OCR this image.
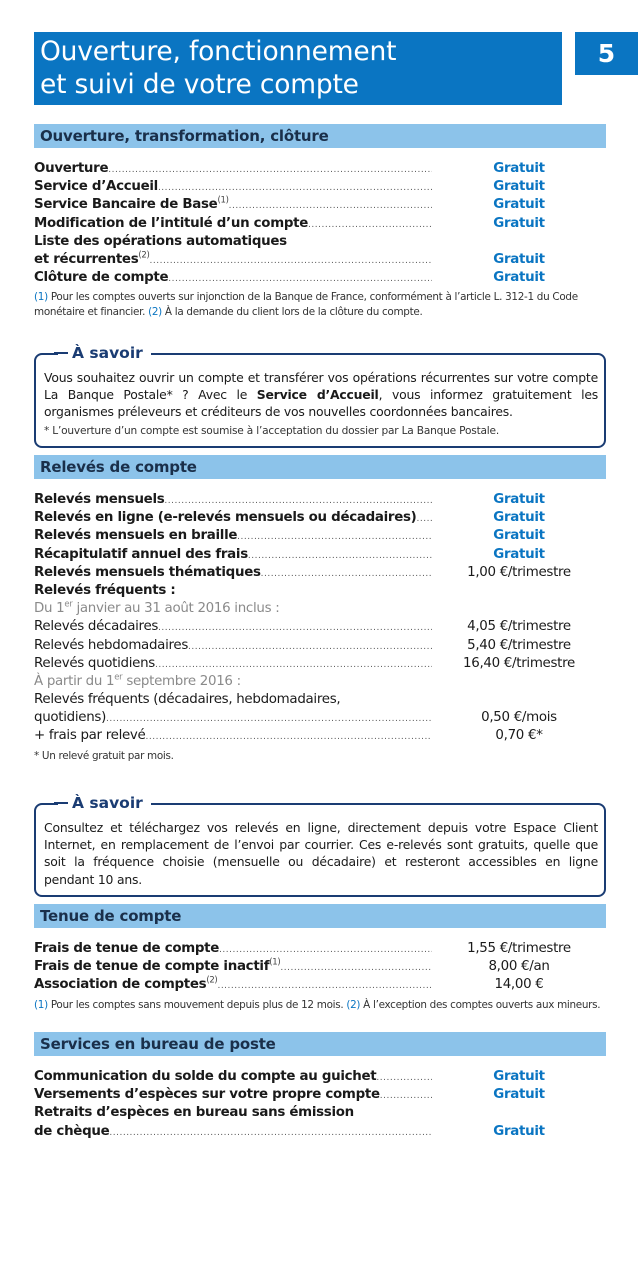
Ouverture, fonctionnement
et suivi de votre compte
5
Ouverture, transformation, clôture
Ouverture .....	Gratuit
Service d’Accueil .....	Gratuit
Service Bancaire de Base$^{(1)}$ .....	Gratuit
Modification de l’intitulé d’un compte .....	Gratuit
Liste des opérations automatiques
et récurrentes$^{(2)}$ .....	Gratuit
Clôture de compte .....	Gratuit
(1) Pour les comptes ouverts sur injonction de la Banque de France, conformément à l’article L. 312-1 du Code monétaire et financier. (2) À la demande du client lors de la clôture du compte.
À savoir

Vous souhaitez ouvrir un compte et transférer vos opérations récurrentes sur votre compte La Banque Postale* ? Avec le Service d’Accueil, vous informez gratuitement les organismes préleveurs et créditeurs de vos nouvelles coordonnées bancaires.

* L’ouverture d’un compte est soumise à l’acceptation du dossier par La Banque Postale.

Relevés de compte
Relevés mensuels .....	Gratuit
Relevés en ligne (e-relevés mensuels ou décadaires) .....	Gratuit
Relevés mensuels en braille .....	Gratuit
Récapitulatif annuel des frais .....	Gratuit
Relevés mensuels thématiques .....	1,00 €/trimestre
Relevés fréquents :
Du 1er janvier au 31 août 2016 inclus :
Relevés décadaires .....	4,05 €/trimestre
Relevés hebdomadaires .....	5,40 €/trimestre
Relevés quotidiens .....	16,40 €/trimestre
À partir du 1er septembre 2016 :
Relevés fréquents (décadaires, hebdomadaires,
quotidiens) .....	0,50 €/mois
+ frais par relevé .....	0,70 €*
* Un relevé gratuit par mois.
À savoir

Consultez et téléchargez vos relevés en ligne, directement depuis votre Espace Client Internet, en remplacement de l’envoi par courrier. Ces e-relevés sont gratuits, quelle que soit la fréquence choisie (mensuelle ou décadaire) et resteront accessibles en ligne pendant 10 ans.

Tenue de compte
Frais de tenue de compte .....	1,55 €/trimestre
Frais de tenue de compte inactif$^{(1)}$ .....	8,00 €/an
Association de comptes$^{(2)}$ .....	14,00 €
(1) Pour les comptes sans mouvement depuis plus de 12 mois. (2) À l’exception des comptes ouverts aux mineurs.
Services en bureau de poste
Communication du solde du compte au guichet .....	Gratuit
Versements d’espèces sur votre propre compte .....	Gratuit
Retraits d’espèces en bureau sans émission
de chèque .....	Gratuit
